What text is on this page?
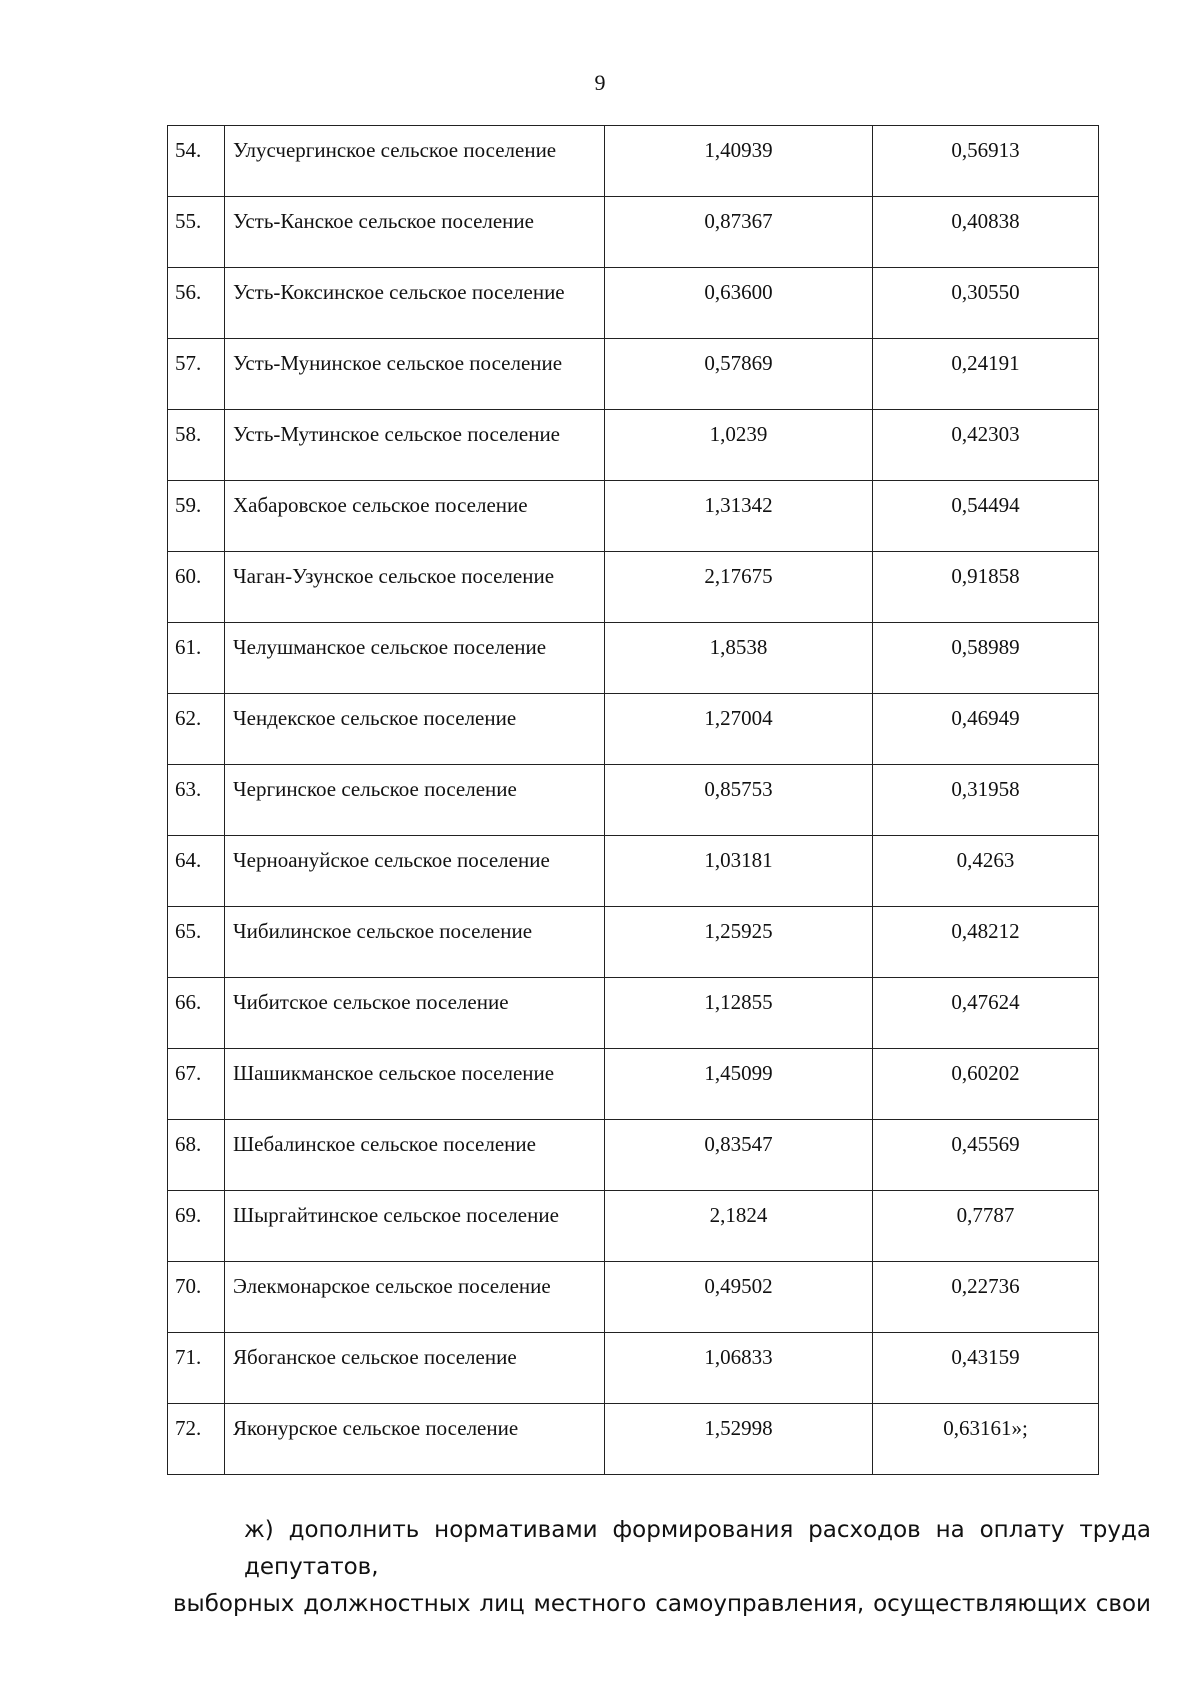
9
54.	Улусчергинское сельское поселение	1,40939	0,56913

55.	Усть-Канское сельское поселение	0,87367	0,40838

56.	Усть-Коксинское сельское поселение	0,63600	0,30550

57.	Усть-Мунинское сельское поселение	0,57869	0,24191

58.	Усть-Мутинское сельское поселение	1,0239	0,42303

59.	Хабаровское сельское поселение	1,31342	0,54494

60.	Чаган-Узунское сельское поселение	2,17675	0,91858

61.	Челушманское сельское поселение	1,8538	0,58989

62.	Чендекское сельское поселение	1,27004	0,46949

63.	Чергинское сельское поселение	0,85753	0,31958

64.	Черноануйское сельское поселение	1,03181	0,4263

65.	Чибилинское сельское поселение	1,25925	0,48212

66.	Чибитское сельское поселение	1,12855	0,47624

67.	Шашикманское сельское поселение	1,45099	0,60202

68.	Шебалинское сельское поселение	0,83547	0,45569

69.	Шыргайтинское сельское поселение	2,1824	0,7787

70.	Элекмонарское сельское поселение	0,49502	0,22736

71.	Ябоганское сельское поселение	1,06833	0,43159

72.	Яконурское сельское поселение	1,52998	0,63161»;

ж) дополнить нормативами формирования расходов на оплату труда депутатов,

выборных должностных лиц местного самоуправления, осуществляющих свои
